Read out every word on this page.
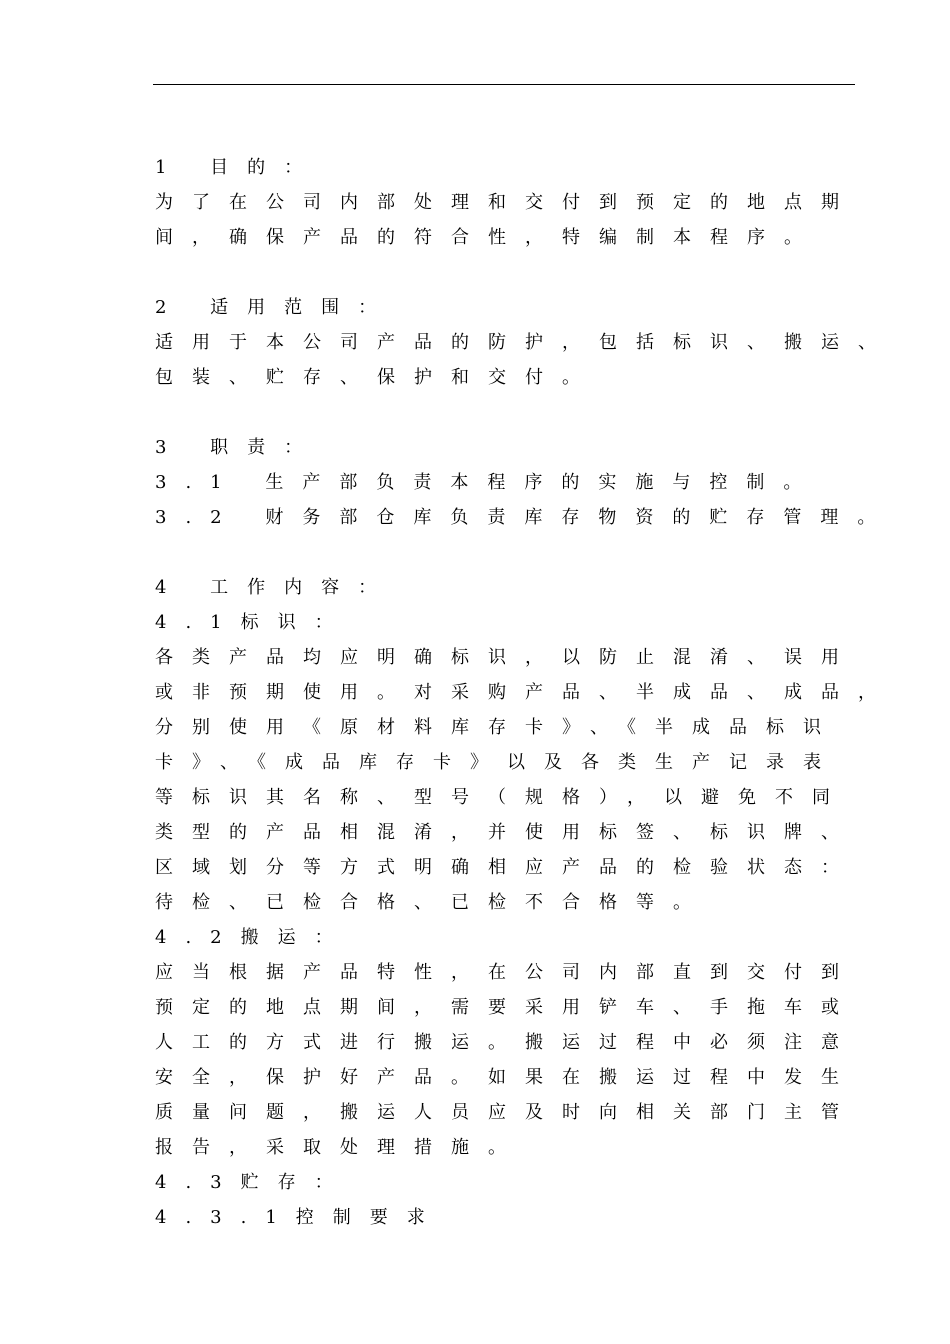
1 目的：
为了在公司内部处理和交付到预定的地点期
间，确保产品的符合性，特编制本程序。
2 适用范围：
适用于本公司产品的防护，包括标识、搬运、
包装、贮存、保护和交付。
3 职责：
3.1 生产部负责本程序的实施与控制。
3.2 财务部仓库负责库存物资的贮存管理。
4 工作内容：
4.1标识：
各类产品均应明确标识，以防止混淆、误用
或非预期使用。对采购产品、半成品、成品，
分别使用《原材料库存卡》、《半成品标识
卡》、《成品库存卡》以及各类生产记录表
等标识其名称、型号（规格），以避免不同
类型的产品相混淆，并使用标签、标识牌、
区域划分等方式明确相应产品的检验状态：
待检、已检合格、已检不合格等。
4.2搬运：
应当根据产品特性，在公司内部直到交付到
预定的地点期间，需要采用铲车、手拖车或
人工的方式进行搬运。搬运过程中必须注意
安全，保护好产品。如果在搬运过程中发生
质量问题，搬运人员应及时向相关部门主管
报告，采取处理措施。
4.3贮存：
4.3.1控制要求
